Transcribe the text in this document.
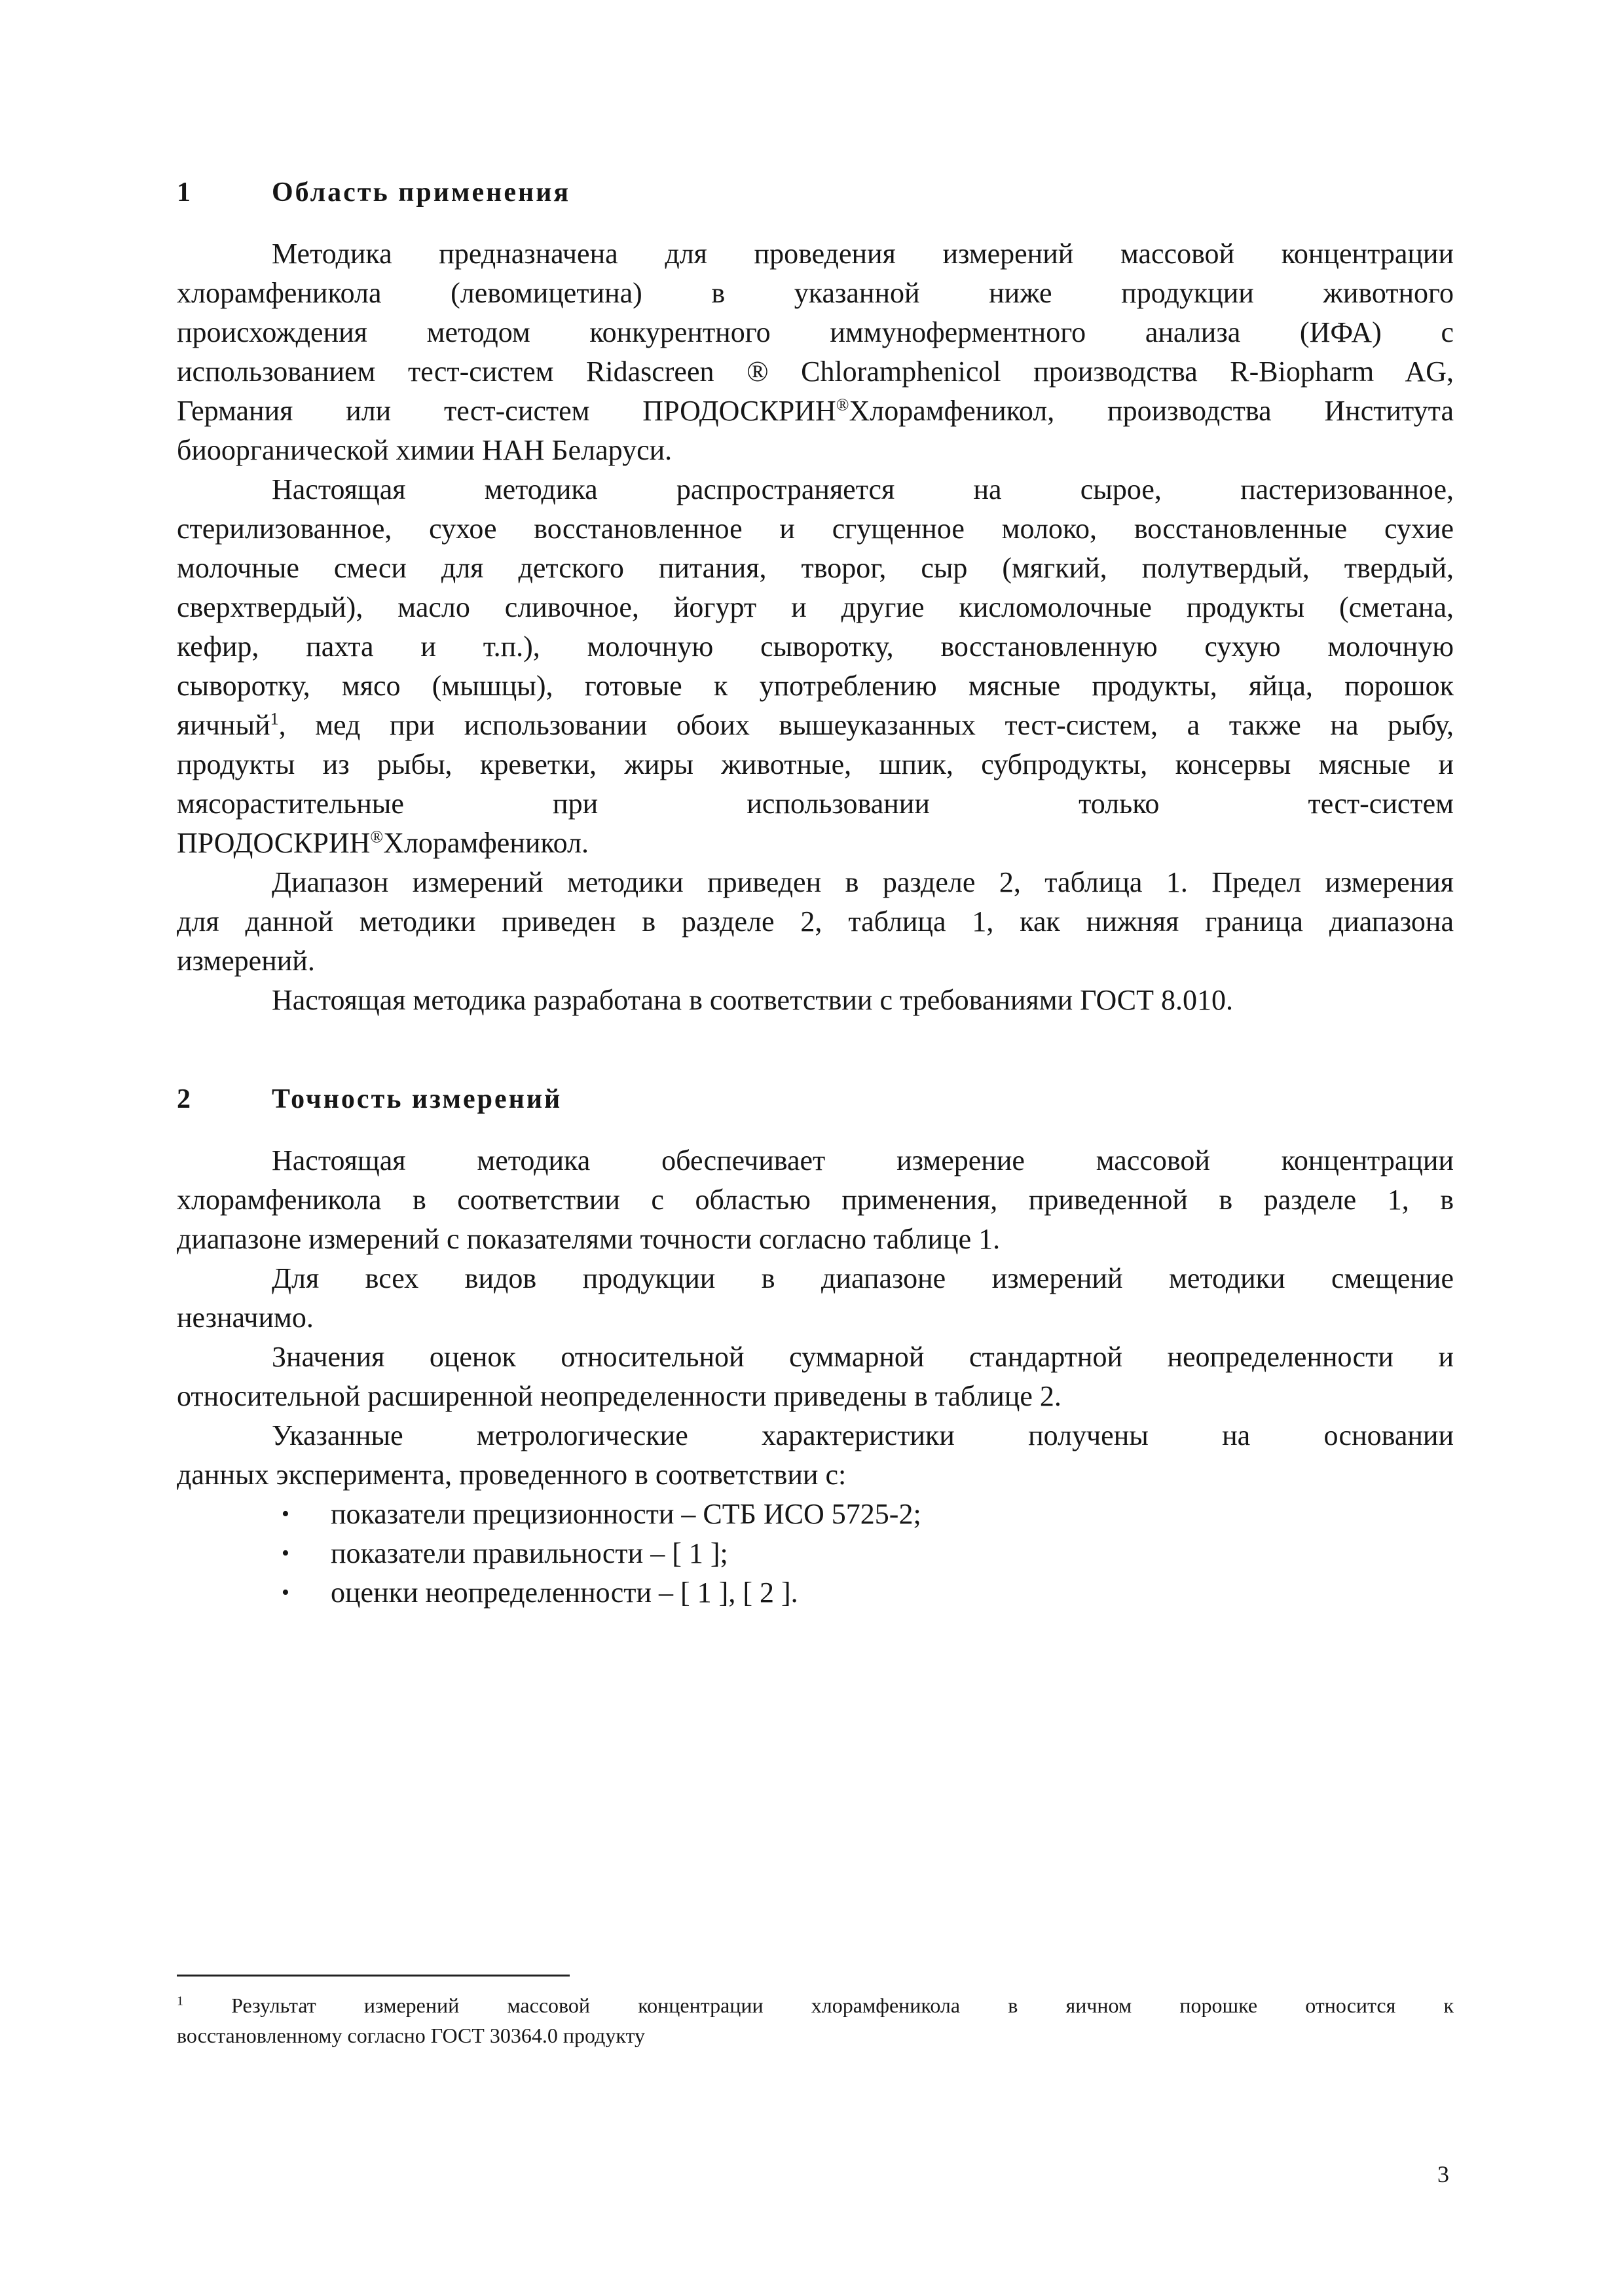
1	Область применения
Методика предназначена для проведения измерений массовой концентрации
хлорамфеникола (левомицетина) в указанной ниже продукции животного
происхождения методом конкурентного иммуноферментного анализа (ИФА) с
использованием тест-систем Ridascreen ® Chloramphenicol производства R-Biopharm AG,
Германия или тест-систем ПРОДОСКРИН®Хлорамфеникол, производства Института
биоорганической химии НАН Беларуси.
Настоящая методика распространяется на сырое, пастеризованное,
стерилизованное, сухое восстановленное и сгущенное молоко, восстановленные сухие
молочные смеси для детского питания, творог, сыр (мягкий, полутвердый, твердый,
сверхтвердый), масло сливочное, йогурт и другие кисломолочные продукты (сметана,
кефир, пахта и т.п.), молочную сыворотку, восстановленную сухую молочную
сыворотку, мясо (мышцы), готовые к употреблению мясные продукты, яйца, порошок
яичный$^1$, мед при использовании обоих вышеуказанных тест-систем, а также на рыбу,
продукты из рыбы, креветки, жиры животные, шпик, субпродукты, консервы мясные и
мясорастительные при использовании только тест-систем
ПРОДОСКРИН®Хлорамфеникол.
Диапазон измерений методики приведен в разделе 2, таблица 1. Предел измерения
для данной методики приведен в разделе 2, таблица 1, как нижняя граница диапазона
измерений.
Настоящая методика разработана в соответствии с требованиями ГОСТ 8.010.
2	Точность измерений
Настоящая методика обеспечивает измерение массовой концентрации
хлорамфеникола в соответствии с областью применения, приведенной в разделе 1, в
диапазоне измерений с показателями точности согласно таблице 1.
Для всех видов продукции в диапазоне измерений методики смещение
незначимо.
Значения оценок относительной суммарной стандартной неопределенности и
относительной расширенной неопределенности приведены в таблице 2.
Указанные метрологические характеристики получены на основании
данных эксперимента, проведенного в соответствии с:
• показатели прецизионности – СТБ ИСО 5725-2;
• показатели правильности – [ 1 ];
• оценки неопределенности – [ 1 ], [ 2 ].
$^1$ Результат измерений массовой концентрации хлорамфеникола в яичном порошке относится к
восстановленному согласно ГОСТ 30364.0 продукту
3
